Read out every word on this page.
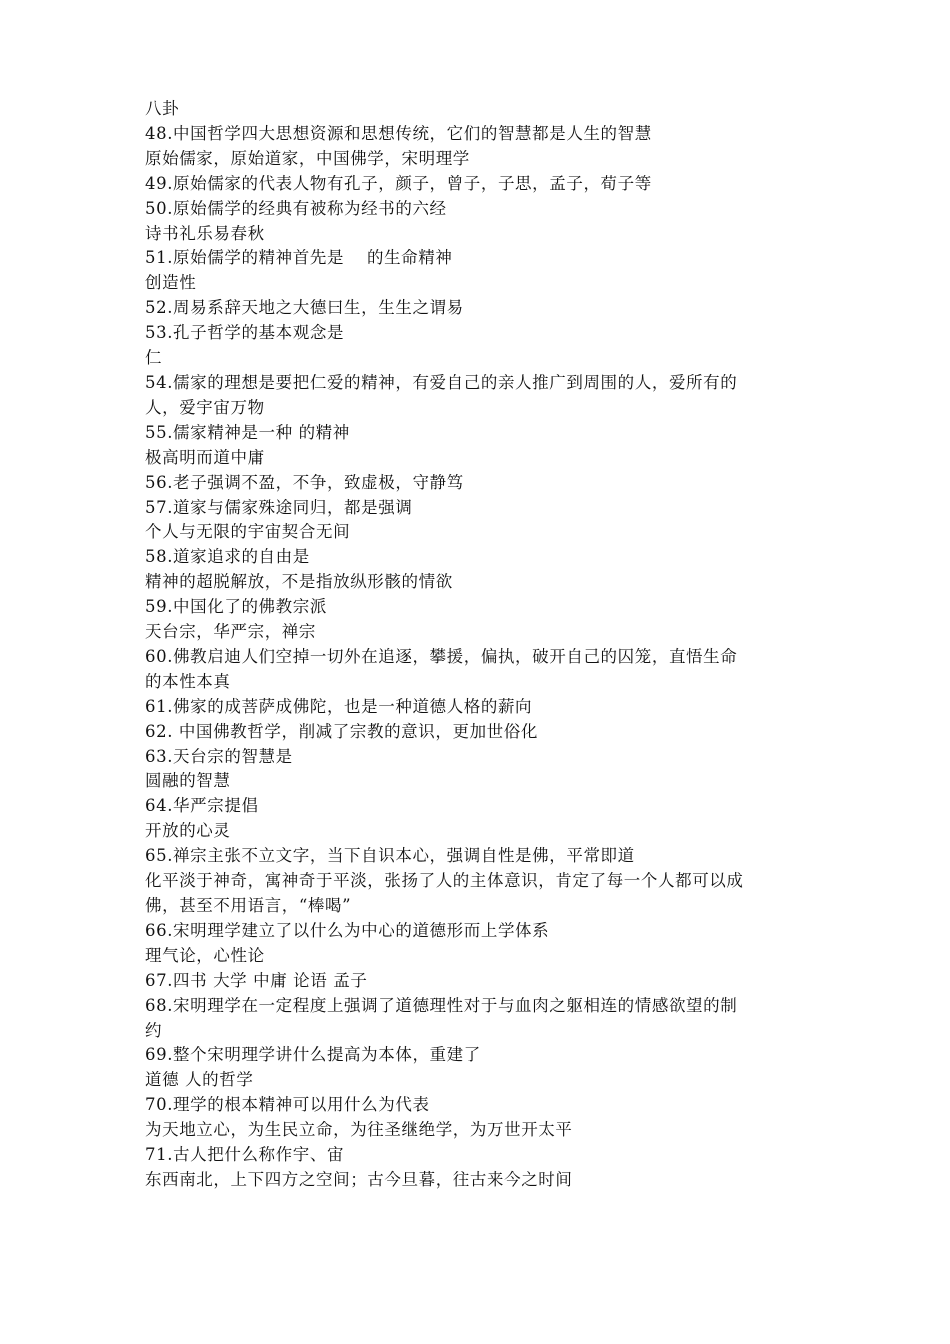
八卦

48.中国哲学四大思想资源和思想传统，它们的智慧都是人生的智慧

原始儒家，原始道家，中国佛学，宋明理学

49.原始儒家的代表人物有孔子，颜子，曾子，子思，孟子，荀子等

50.原始儒学的经典有被称为经书的六经

诗书礼乐易春秋

51.原始儒学的精神首先是　 的生命精神

创造性

52.周易系辞天地之大德曰生，生生之谓易

53.孔子哲学的基本观念是

仁

54.儒家的理想是要把仁爱的精神，有爱自己的亲人推广到周围的人，爱所有的

人，爱宇宙万物

55.儒家精神是一种 的精神

极高明而道中庸

56.老子强调不盈，不争，致虚极，守静笃

57.道家与儒家殊途同归，都是强调

个人与无限的宇宙契合无间

58.道家追求的自由是

精神的超脱解放，不是指放纵形骸的情欲

59.中国化了的佛教宗派

天台宗，华严宗，禅宗

60.佛教启迪人们空掉一切外在追逐，攀援，偏执，破开自己的囚笼，直悟生命

的本性本真

61.佛家的成菩萨成佛陀，也是一种道德人格的薪向

62. 中国佛教哲学，削减了宗教的意识，更加世俗化

63.天台宗的智慧是

圆融的智慧

64.华严宗提倡

开放的心灵

65.禅宗主张不立文字，当下自识本心，强调自性是佛，平常即道

化平淡于神奇，寓神奇于平淡，张扬了人的主体意识，肯定了每一个人都可以成

佛，甚至不用语言，“棒喝”

66.宋明理学建立了以什么为中心的道德形而上学体系

理气论，心性论

67.四书 大学 中庸 论语 孟子

68.宋明理学在一定程度上强调了道德理性对于与血肉之躯相连的情感欲望的制

约

69.整个宋明理学讲什么提高为本体，重建了

道德 人的哲学

70.理学的根本精神可以用什么为代表

为天地立心，为生民立命，为往圣继绝学，为万世开太平

71.古人把什么称作宇、宙

东西南北，上下四方之空间；古今旦暮，往古来今之时间
